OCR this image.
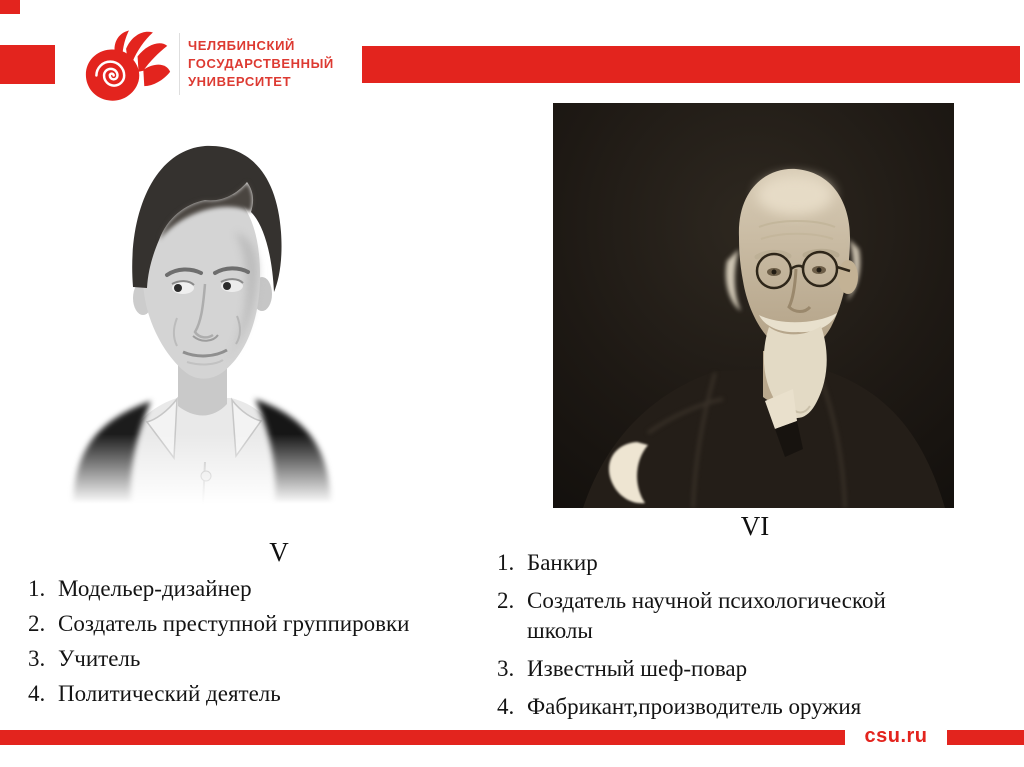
ЧЕЛЯБИНСКИЙ
ГОСУДАРСТВЕННЫЙ
УНИВЕРСИТЕТ
V
VI
1. Модельер-дизайнер
2. Создатель преступной группировки
3. Учитель
4. Политический деятель
1. Банкир
2. Создатель научной психологической школы
3. Известный шеф-повар
4. Фабрикант,производитель оружия
csu.ru
